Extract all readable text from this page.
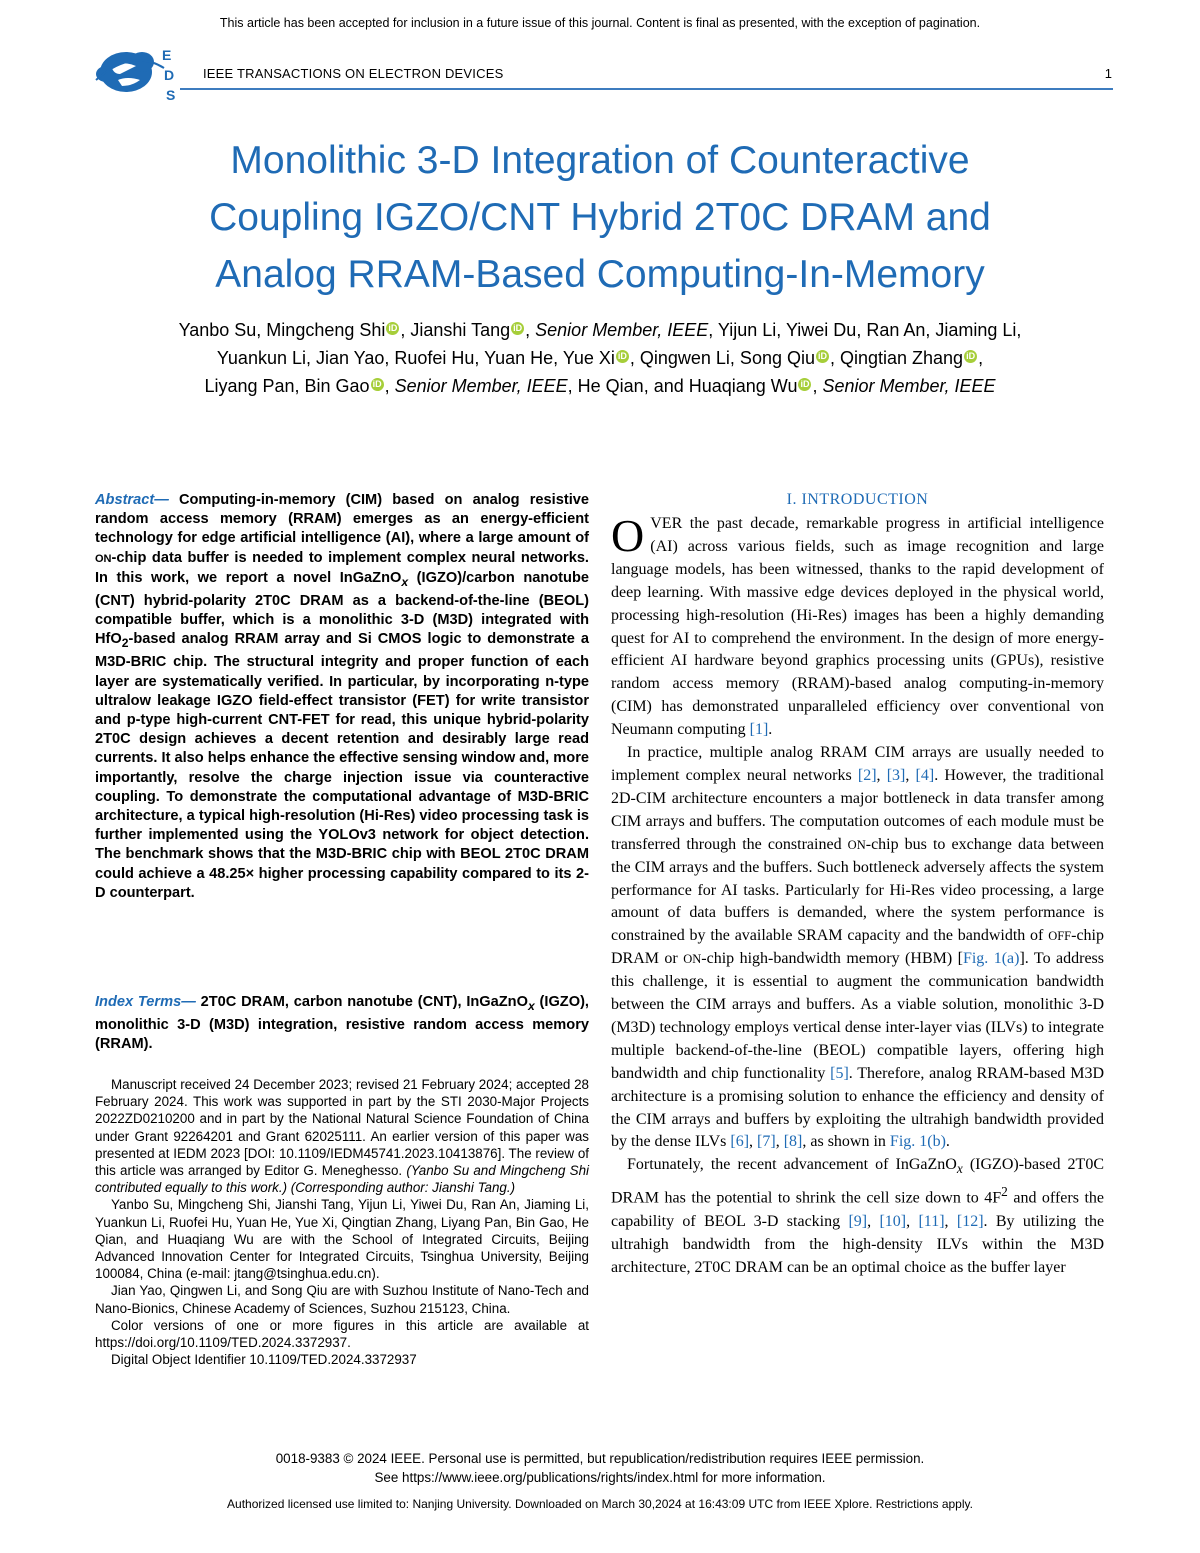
This article has been accepted for inclusion in a future issue of this journal. Content is final as presented, with the exception of pagination.
E
D
S
IEEE TRANSACTIONS ON ELECTRON DEVICES	1
Monolithic 3-D Integration of Counteractive
Coupling IGZO/CNT Hybrid 2T0C DRAM and
Analog RRAM-Based Computing-In-Memory
Yanbo Su, Mingcheng Shi iD , Jianshi Tang iD , Senior Member, IEEE, Yijun Li, Yiwei Du, Ran An, Jiaming Li,
Yuankun Li, Jian Yao, Ruofei Hu, Yuan He, Yue Xi iD , Qingwen Li, Song Qiu iD , Qingtian Zhang iD ,
Liyang Pan, Bin Gao iD , Senior Member, IEEE, He Qian, and Huaqiang Wu iD , Senior Member, IEEE
Abstract— Computing-in-memory (CIM) based on analog resistive random access memory (RRAM) emerges as an energy-efficient technology for edge artificial intelligence (AI), where a large amount of ON-chip data buffer is needed to implement complex neural networks. In this work, we report a novel InGaZnO$_x$ (IGZO)/carbon nanotube (CNT) hybrid-polarity 2T0C DRAM as a backend-of-the-line (BEOL) compatible buffer, which is a monolithic 3-D (M3D) integrated with HfO$_2$-based analog RRAM array and Si CMOS logic to demonstrate a M3D-BRIC chip. The structural integrity and proper function of each layer are systematically verified. In particular, by incorporating n-type ultralow leakage IGZO field-effect transistor (FET) for write transistor and p-type high-current CNT-FET for read, this unique hybrid-polarity 2T0C design achieves a decent retention and desirably large read currents. It also helps enhance the effective sensing window and, more importantly, resolve the charge injection issue via counteractive coupling. To demonstrate the computational advantage of M3D-BRIC architecture, a typical high-resolution (Hi-Res) video processing task is further implemented using the YOLOv3 network for object detection. The benchmark shows that the M3D-BRIC chip with BEOL 2T0C DRAM could achieve a 48.25× higher processing capability compared to its 2-D counterpart.
Index Terms— 2T0C DRAM, carbon nanotube (CNT), InGaZnO$_x$ (IGZO), monolithic 3-D (M3D) integration, resistive random access memory (RRAM).

Manuscript received 24 December 2023; revised 21 February 2024; accepted 28 February 2024. This work was supported in part by the STI 2030-Major Projects 2022ZD0210200 and in part by the National Natural Science Foundation of China under Grant 92264201 and Grant 62025111. An earlier version of this paper was presented at IEDM 2023 [DOI: 10.1109/IEDM45741.2023.10413876]. The review of this article was arranged by Editor G. Meneghesso. (Yanbo Su and Mingcheng Shi contributed equally to this work.) (Corresponding author: Jianshi Tang.)

Yanbo Su, Mingcheng Shi, Jianshi Tang, Yijun Li, Yiwei Du, Ran An, Jiaming Li, Yuankun Li, Ruofei Hu, Yuan He, Yue Xi, Qingtian Zhang, Liyang Pan, Bin Gao, He Qian, and Huaqiang Wu are with the School of Integrated Circuits, Beijing Advanced Innovation Center for Integrated Circuits, Tsinghua University, Beijing 100084, China (e-mail: jtang@tsinghua.edu.cn).

Jian Yao, Qingwen Li, and Song Qiu are with Suzhou Institute of Nano-Tech and Nano-Bionics, Chinese Academy of Sciences, Suzhou 215123, China.

Color versions of one or more figures in this article are available at https://doi.org/10.1109/TED.2024.3372937.

Digital Object Identifier 10.1109/TED.2024.3372937

I. INTRODUCTION

OVER the past decade, remarkable progress in artificial intelligence (AI) across various fields, such as image recognition and large language models, has been witnessed, thanks to the rapid development of deep learning. With massive edge devices deployed in the physical world, processing high-resolution (Hi-Res) images has been a highly demanding quest for AI to comprehend the environment. In the design of more energy-efficient AI hardware beyond graphics processing units (GPUs), resistive random access memory (RRAM)-based analog computing-in-memory (CIM) has demonstrated unparalleled efficiency over conventional von Neumann computing [1].

In practice, multiple analog RRAM CIM arrays are usually needed to implement complex neural networks [2], [3], [4]. However, the traditional 2D-CIM architecture encounters a major bottleneck in data transfer among CIM arrays and buffers. The computation outcomes of each module must be transferred through the constrained ON-chip bus to exchange data between the CIM arrays and the buffers. Such bottleneck adversely affects the system performance for AI tasks. Particularly for Hi-Res video processing, a large amount of data buffers is demanded, where the system performance is constrained by the available SRAM capacity and the bandwidth of OFF-chip DRAM or ON-chip high-bandwidth memory (HBM) [Fig. 1(a)]. To address this challenge, it is essential to augment the communication bandwidth between the CIM arrays and buffers. As a viable solution, monolithic 3-D (M3D) technology employs vertical dense inter-layer vias (ILVs) to integrate multiple backend-of-the-line (BEOL) compatible layers, offering high bandwidth and chip functionality [5]. Therefore, analog RRAM-based M3D architecture is a promising solution to enhance the efficiency and density of the CIM arrays and buffers by exploiting the ultrahigh bandwidth provided by the dense ILVs [6], [7], [8], as shown in Fig. 1(b).

Fortunately, the recent advancement of InGaZnO$_x$ (IGZO)-based 2T0C DRAM has the potential to shrink the cell size down to $4F^2$ and offers the capability of BEOL 3-D stacking [9], [10], [11], [12]. By utilizing the ultrahigh bandwidth from the high-density ILVs within the M3D architecture, 2T0C DRAM can be an optimal choice as the buffer layer

0018-9383 © 2024 IEEE. Personal use is permitted, but republication/redistribution requires IEEE permission.
See https://www.ieee.org/publications/rights/index.html for more information.
Authorized licensed use limited to: Nanjing University. Downloaded on March 30,2024 at 16:43:09 UTC from IEEE Xplore. Restrictions apply.
